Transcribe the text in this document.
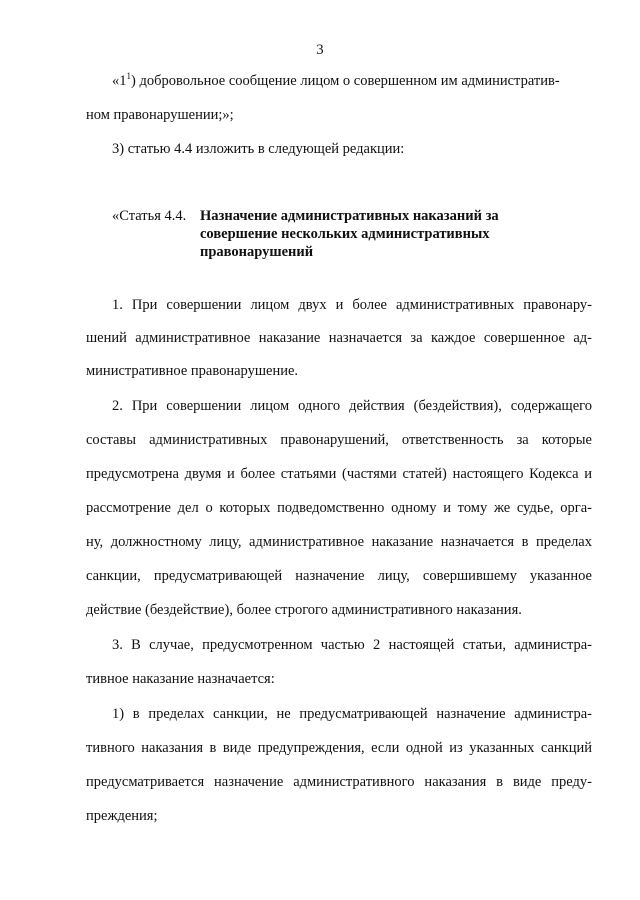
3
«$1^1$) добровольное сообщение лицом о совершенном им административ-
ном правонарушении;»;
3) статью 4.4 изложить в следующей редакции:
«Статья 4.4. Назначение административных наказаний за
совершение нескольких административных
правонарушений
1. При совершении лицом двух и более административных правонару-
шений административное наказание назначается за каждое совершенное ад-
министративное правонарушение.
2. При совершении лицом одного действия (бездействия), содержащего
составы административных правонарушений, ответственность за которые
предусмотрена двумя и более статьями (частями статей) настоящего Кодекса и
рассмотрение дел о которых подведомственно одному и тому же судье, орга-
ну, должностному лицу, административное наказание назначается в пределах
санкции, предусматривающей назначение лицу, совершившему указанное
действие (бездействие), более строгого административного наказания.
3. В случае, предусмотренном частью 2 настоящей статьи, администра-
тивное наказание назначается:
1) в пределах санкции, не предусматривающей назначение администра-
тивного наказания в виде предупреждения, если одной из указанных санкций
предусматривается назначение административного наказания в виде преду-
преждения;
